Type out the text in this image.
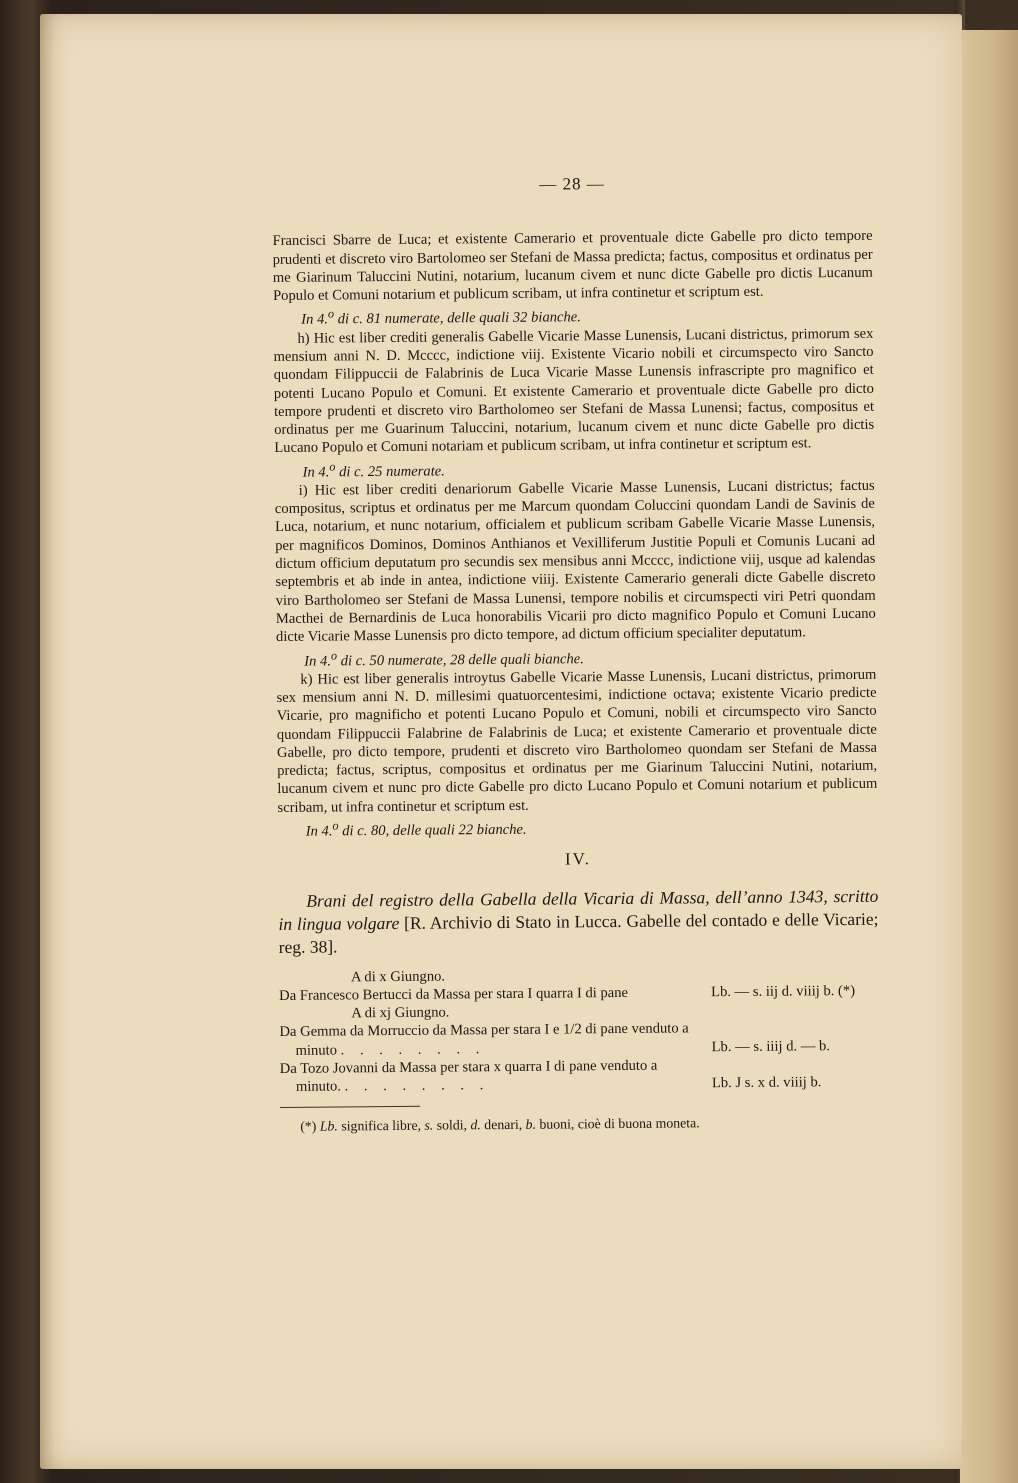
— 28 —

Francisci Sbarre de Luca; et existente Camerario et proventuale dicte Gabelle pro dicto tempore prudenti et discreto viro Bartolomeo ser Stefani de Massa predicta; factus, compositus et ordinatus per me Giarinum Taluccini Nutini, notarium, lucanum civem et nunc dicte Gabelle pro dictis Lucanum Populo et Comuni notarium et publicum scribam, ut infra continetur et scriptum est.

In 4.$^o$ di c. 81 numerate, delle quali 32 bianche.

h) Hic est liber crediti generalis Gabelle Vicarie Masse Lunensis, Lucani districtus, primorum sex mensium anni N. D. Mcccc, indictione viij. Existente Vicario nobili et circumspecto viro Sancto quondam Filippuccii de Falabrinis de Luca Vicarie Masse Lunensis infrascripte pro magnifico et potenti Lucano Populo et Comuni. Et existente Camerario et proventuale dicte Gabelle pro dicto tempore prudenti et discreto viro Bartholomeo ser Stefani de Massa Lunensi; factus, compositus et ordinatus per me Guarinum Taluccini, notarium, lucanum civem et nunc dicte Gabelle pro dictis Lucano Populo et Comuni notariam et publicum scribam, ut infra continetur et scriptum est.

In 4.$^o$ di c. 25 numerate.

i) Hic est liber crediti denariorum Gabelle Vicarie Masse Lunensis, Lucani districtus; factus compositus, scriptus et ordinatus per me Marcum quondam Coluccini quondam Landi de Savinis de Luca, notarium, et nunc notarium, officialem et publicum scribam Gabelle Vicarie Masse Lunensis, per magnificos Dominos, Dominos Anthianos et Vexilliferum Justitie Populi et Comunis Lucani ad dictum officium deputatum pro secundis sex mensibus anni Mcccc, indictione viij, usque ad kalendas septembris et ab inde in antea, indictione viiij. Existente Camerario generali dicte Gabelle discreto viro Bartholomeo ser Stefani de Massa Lunensi, tempore nobilis et circumspecti viri Petri quondam Macthei de Bernardinis de Luca honorabilis Vicarii pro dicto magnifico Populo et Comuni Lucano dicte Vicarie Masse Lunensis pro dicto tempore, ad dictum officium specialiter deputatum.

In 4.$^o$ di c. 50 numerate, 28 delle quali bianche.

k) Hic est liber generalis introytus Gabelle Vicarie Masse Lunensis, Lucani districtus, primorum sex mensium anni N. D. millesimi quatuorcentesimi, indictione octava; existente Vicario predicte Vicarie, pro magnificho et potenti Lucano Populo et Comuni, nobili et circumspecto viro Sancto quondam Filippuccii Falabrine de Falabrinis de Luca; et existente Camerario et proventuale dicte Gabelle, pro dicto tempore, prudenti et discreto viro Bartholomeo quondam ser Stefani de Massa predicta; factus, scriptus, compositus et ordinatus per me Giarinum Taluccini Nutini, notarium, lucanum civem et nunc pro dicte Gabelle pro dicto Lucano Populo et Comuni notarium et publicum scribam, ut infra continetur et scriptum est.

In 4.$^o$ di c. 80, delle quali 22 bianche.

IV.

Brani del registro della Gabella della Vicaria di Massa, dell’anno 1343, scritto in lingua volgare [R. Archivio di Stato in Lucca. Gabelle del contado e delle Vicarie; reg. 38].

A di x Giungno.

Da Francesco Bertucci da Massa per stara I quarra I di pane	Lb. — s. iij d. viiij b. (*)

A di xj Giungno.

Da Gemma da Morruccio da Massa per stara I e 1/2 di pane venduto a minuto . . . . . . . .	Lb. — s. iiij d. — b.
Da Tozo Jovanni da Massa per stara x quarra I di pane venduto a minuto. . . . . . . . .	Lb. J s. x d. viiij b.

(*) Lb. significa libre, s. soldi, d. denari, b. buoni, cioè di buona moneta.
